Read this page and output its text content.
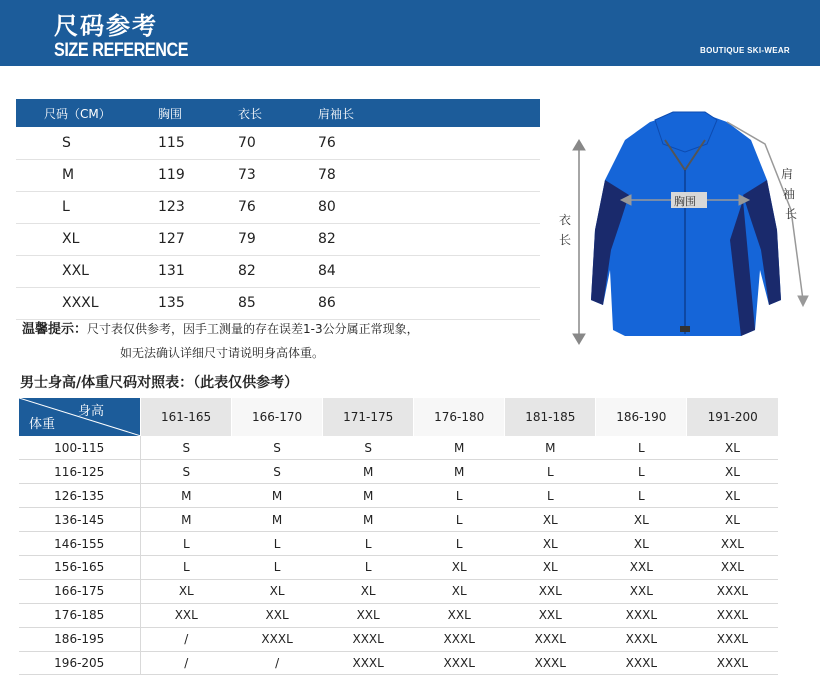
尺码参考
SIZE REFERENCE	BOUTIQUE SKI-WEAR
尺码（CM）	胸围	衣长	肩袖长
S	115	70	76
M	119	73	78
L	123	76	80
XL	127	79	82
XXL	131	82	84
XXXL	135	85	86
温馨提示：尺寸表仅供参考，因手工测量的存在误差1-3公分属正常现象，
如无法确认详细尺寸请说明身高体重。
男士身高/体重尺码对照表：（此表仅供参考）
衣
长
胸围
肩
袖
长
身高
体重	161-165	166-170	171-175	176-180	181-185	186-190	191-200
100-115	S	S	S	M	M	L	XL
116-125	S	S	M	M	L	L	XL
126-135	M	M	M	L	L	L	XL
136-145	M	M	M	L	XL	XL	XL
146-155	L	L	L	L	XL	XL	XXL
156-165	L	L	L	XL	XL	XXL	XXL
166-175	XL	XL	XL	XL	XXL	XXL	XXXL
176-185	XXL	XXL	XXL	XXL	XXL	XXXL	XXXL
186-195	/	XXXL	XXXL	XXXL	XXXL	XXXL	XXXL
196-205	/	/	XXXL	XXXL	XXXL	XXXL	XXXL
